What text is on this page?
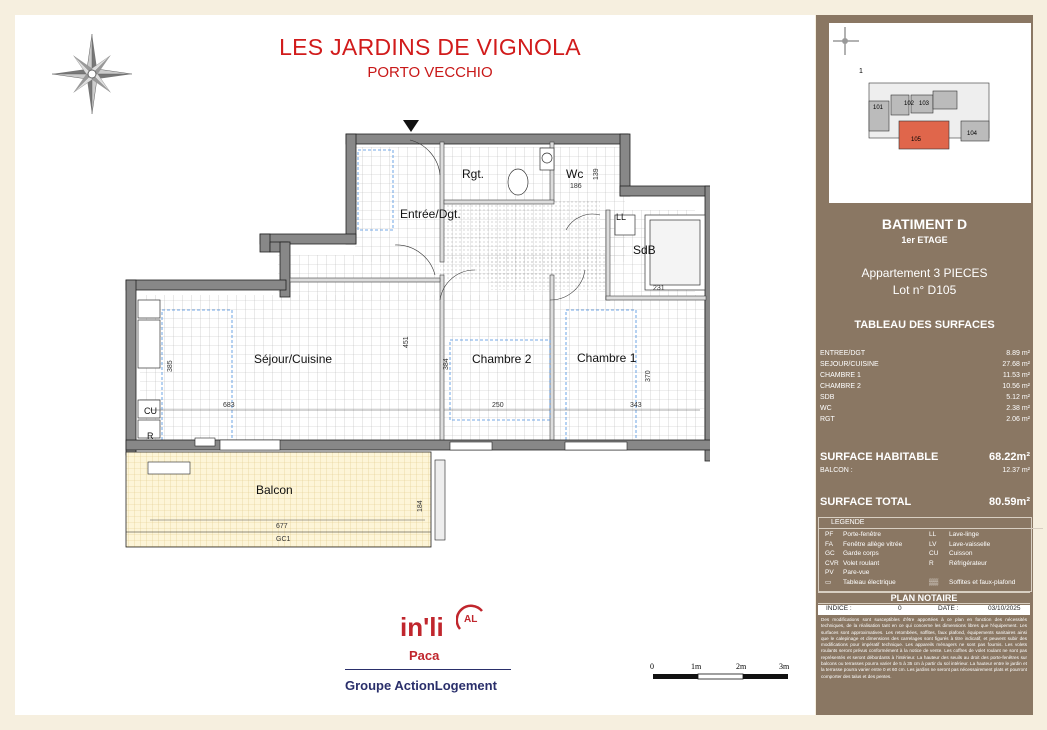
LES JARDINS DE VIGNOLA
PORTO VECCHIO
Entrée/Dgt.
Rgt.	Wc
SdB
Séjour/Cuisine	Chambre 2	Chambre 1
Balcon
LL
CU
R
683	250	343
677
231
186
451
384
370
385
184
139
GC1
AL
in'li
Paca
Groupe ActionLogement
0	1m	2m	3m
1
101
102 103
104
105
BATIMENT D
1er ETAGE
Appartement 3 PIECES
Lot n° D105
TABLEAU DES SURFACES
ENTREE/DGT	8.89 m²
SEJOUR/CUISINE	27.68 m²
CHAMBRE 1	11.53 m²
CHAMBRE 2	10.56 m²
SDB	5.12 m²
WC	2.38 m²
RGT	2.06 m²
SURFACE HABITABLE	68.22m²
BALCON :	12.37 m²
SURFACE TOTAL	80.59m²
LEGENDE
PF Porte-fenêtre	LL Lave-linge
FA Fenêtre allège vitrée	LV Lave-vaisselle
GC Garde corps	CU Cuisson
CVR Volet roulant	R Réfrigérateur
PV Pare-vue
▭ Tableau électrique	▒▒ Soffites et faux-plafond
PLAN NOTAIRE
INDICE :	0	DATE :	03/10/2025
Des modifications sont susceptibles d'être apportées à ce plan en fonction des nécessités techniques, de la réalisation tant en ce qui concerne les dimensions libres que l'équipement. Les surfaces sont approximatives. Les retombées, soffites, faux plafond, équipements sanitaires ainsi que le calepinage et dimensions des carrelages sont figurés à titre indicatif, et peuvent subir des modifications pour impératif technique. Les appareils ménagers ne sont pas fournis. Les volets roulants seront prévus conformément à la notice de vente. Les coffres de volet roulant ne sont pas représentés et seront débordants à l'intérieur. La hauteur des seuils au droit des porte-fenêtres sur balcons ou terrasses pourra varier de 5 à 35 cm à partir du sol intérieur. La hauteur entre le jardin et la terrasse pourra varier entre 0 et 60 cm. Les jardins ne seront pas nécessairement plats et pourront comporter des talus et des pentes.
